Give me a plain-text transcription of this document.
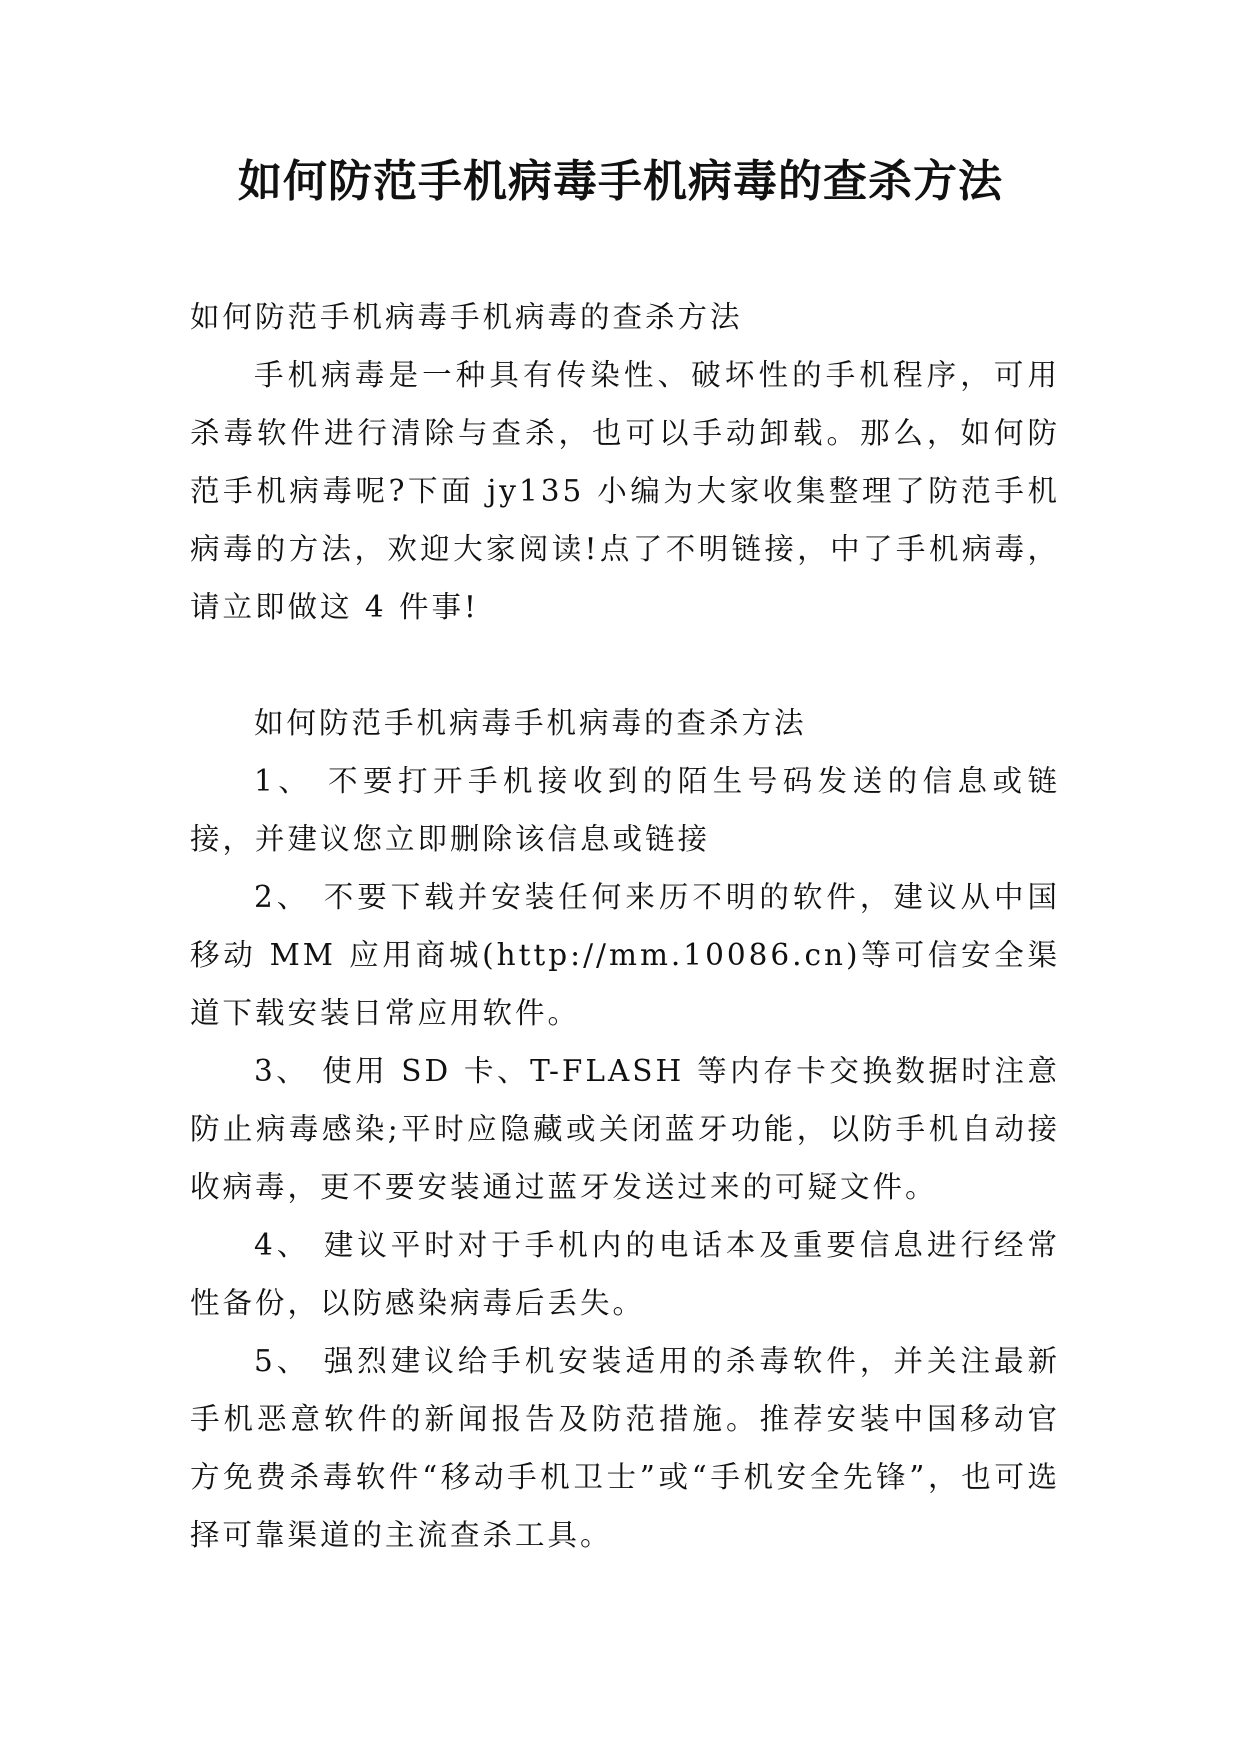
如何防范手机病毒手机病毒的查杀方法

如何防范手机病毒手机病毒的查杀方法

手机病毒是一种具有传染性、破坏性的手机程序，可用杀毒软件进行清除与查杀，也可以手动卸载。那么，如何防范手机病毒呢?下面 jy135 小编为大家收集整理了防范手机病毒的方法，欢迎大家阅读!点了不明链接，中了手机病毒，请立即做这 4 件事!

如何防范手机病毒手机病毒的查杀方法

1、 不要打开手机接收到的陌生号码发送的信息或链接，并建议您立即删除该信息或链接

2、 不要下载并安装任何来历不明的软件，建议从中国移动 MM 应用商城(http://mm.10086.cn)等可信安全渠道下载安装日常应用软件。

3、 使用 SD 卡、T-FLASH 等内存卡交换数据时注意防止病毒感染;平时应隐藏或关闭蓝牙功能，以防手机自动接收病毒，更不要安装通过蓝牙发送过来的可疑文件。

4、 建议平时对于手机内的电话本及重要信息进行经常性备份，以防感染病毒后丢失。

5、 强烈建议给手机安装适用的杀毒软件，并关注最新手机恶意软件的新闻报告及防范措施。推荐安装中国移动官方免费杀毒软件“移动手机卫士”或“手机安全先锋”，也可选择可靠渠道的主流查杀工具。
